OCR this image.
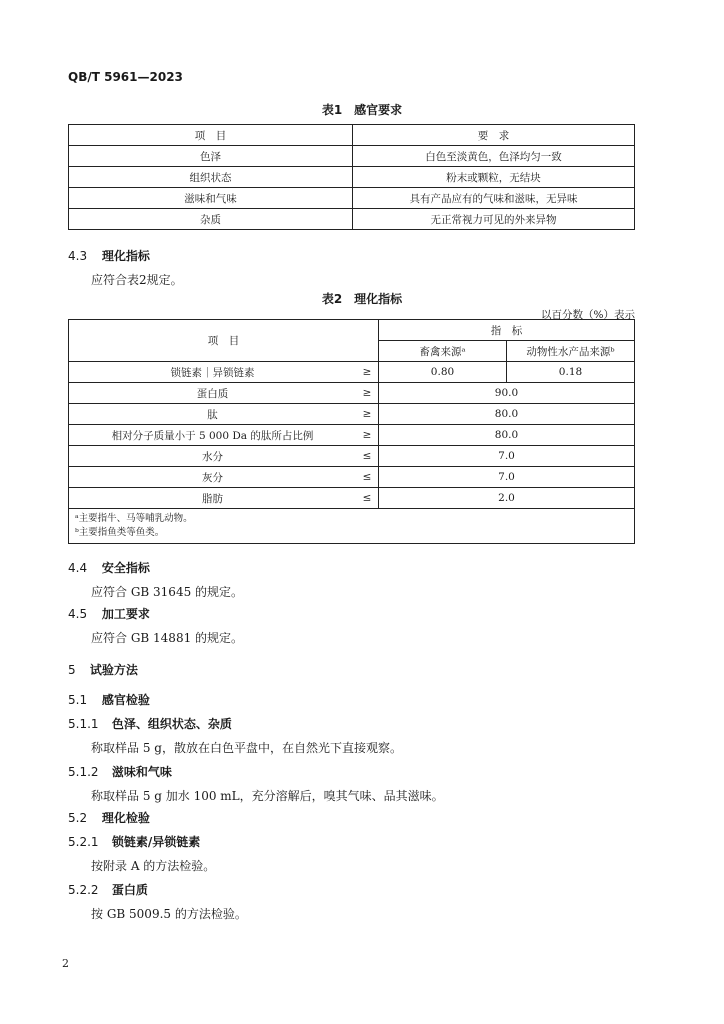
QB/T 5961—2023
表1　感官要求
项　目	要　求
色泽	白色至淡黄色，色泽均匀一致
组织状态	粉末或颗粒，无结块
滋味和气味	具有产品应有的气味和滋味，无异味
杂质	无正常视力可见的外来异物
4.3 理化指标
应符合表2规定。
表2　理化指标
以百分数（%）表示
项　目		指　标	
		畜禽来源ᵃ	动物性水产品来源ᵇ
锁链素｜异锁链素	≥	0.80	0.18
蛋白质	≥	90.0	
肽	≥	80.0	
相对分子质量小于 5 000 Da 的肽所占比例	≥	80.0	
水分	≤	7.0	
灰分	≤	7.0	
脂肪	≤	2.0	

ᵃ主要指牛、马等哺乳动物。
ᵇ主要指鱼类等鱼类。			
4.4 安全指标
应符合 GB 31645 的规定。
4.5 加工要求
应符合 GB 14881 的规定。
5 试验方法
5.1 感官检验
5.1.1 色泽、组织状态、杂质
称取样品 5 g，散放在白色平盘中，在自然光下直接观察。
5.1.2 滋味和气味
称取样品 5 g 加水 100 mL，充分溶解后，嗅其气味、品其滋味。
5.2 理化检验
5.2.1 锁链素/异锁链素
按附录 A 的方法检验。
5.2.2 蛋白质
按 GB 5009.5 的方法检验。
2
